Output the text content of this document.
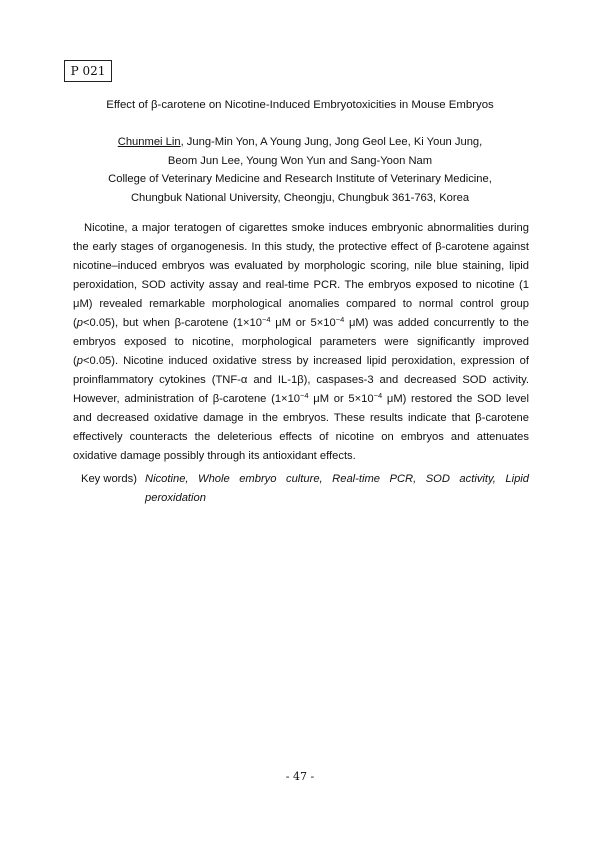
P 021
Effect of β-carotene on Nicotine-Induced Embryotoxicities in Mouse Embryos
Chunmei Lin, Jung-Min Yon, A Young Jung, Jong Geol Lee, Ki Youn Jung,
Beom Jun Lee, Young Won Yun and Sang-Yoon Nam
College of Veterinary Medicine and Research Institute of Veterinary Medicine,
Chungbuk National University, Cheongju, Chungbuk 361-763, Korea

Nicotine, a major teratogen of cigarettes smoke induces embryonic abnormalities during the early stages of organogenesis. In this study, the protective effect of β-carotene against nicotine–induced embryos was evaluated by morphologic scoring, nile blue staining, lipid peroxidation, SOD activity assay and real-time PCR. The embryos exposed to nicotine (1 μM) revealed remarkable morphological anomalies compared to normal control group (p<0.05), but when β-carotene ($1\times 10^{-4}$ μM or $5\times 10^{-4}$ μM) was added concurrently to the embryos exposed to nicotine, morphological parameters were significantly improved (p<0.05). Nicotine induced oxidative stress by increased lipid peroxidation, expression of proinflammatory cytokines (TNF-α and IL-1β), caspases-3 and decreased SOD activity. However, administration of β-carotene ($1\times 10^{-4}$ μM or $5\times 10^{-4}$ μM) restored the SOD level and decreased oxidative damage in the embryos. These results indicate that β-carotene effectively counteracts the deleterious effects of nicotine on embryos and attenuates oxidative damage possibly through its antioxidant effects.

Key words) Nicotine, Whole embryo culture, Real-time PCR, SOD activity, Lipid peroxidation
- 47 -
